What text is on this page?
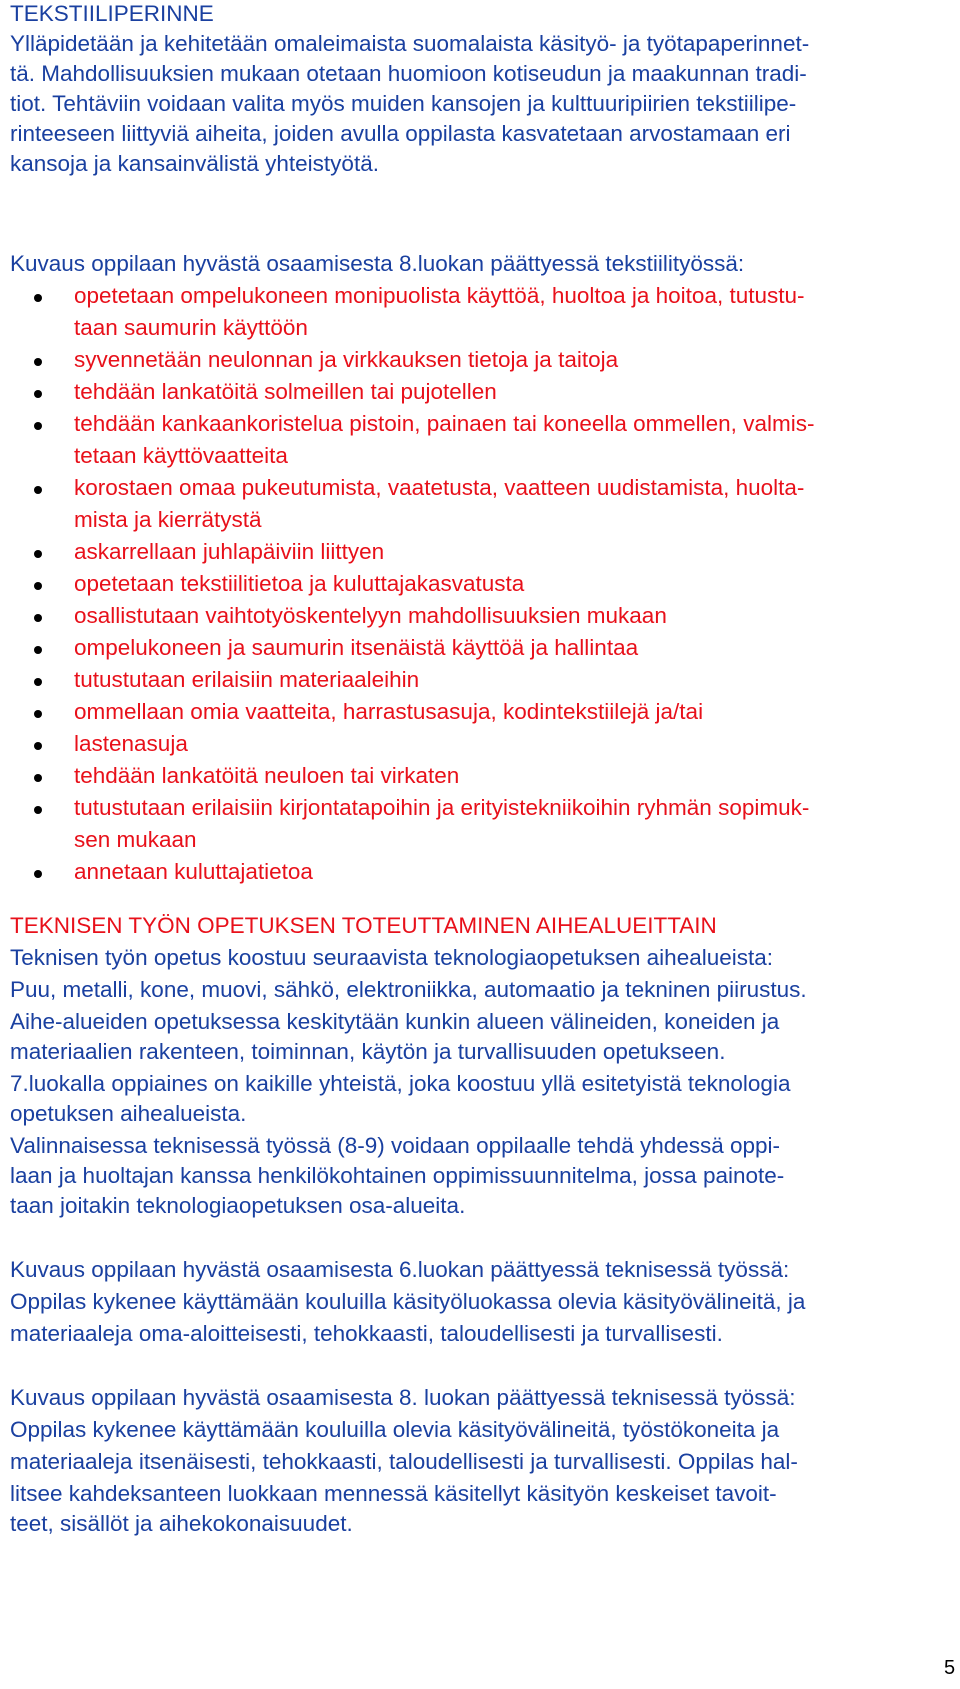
TEKSTIILIPERINNE
Ylläpidetään ja kehitetään omaleimaista suomalaista käsityö- ja työtapaperinnet-
tä. Mahdollisuuksien mukaan otetaan huomioon kotiseudun ja maakunnan tradi-
tiot. Tehtäviin voidaan valita myös muiden kansojen ja kulttuuripiirien tekstiilipe-
rinteeseen liittyviä aiheita, joiden avulla oppilasta kasvatetaan arvostamaan eri
kansoja ja kansainvälistä yhteistyötä.
Kuvaus oppilaan hyvästä osaamisesta 8.luokan päättyessä tekstiilityössä:
opetetaan ompelukoneen monipuolista käyttöä, huoltoa ja hoitoa, tutustu-
taan saumurin käyttöön
syvennetään neulonnan ja virkkauksen tietoja ja taitoja
tehdään lankatöitä solmeillen tai pujotellen
tehdään kankaankoristelua pistoin, painaen tai koneella ommellen, valmis-
tetaan käyttövaatteita
korostaen omaa pukeutumista, vaatetusta, vaatteen uudistamista, huolta-
mista ja kierrätystä
askarrellaan juhlapäiviin liittyen
opetetaan tekstiilitietoa ja kuluttajakasvatusta
osallistutaan vaihtotyöskentelyyn mahdollisuuksien mukaan
ompelukoneen ja saumurin itsenäistä käyttöä ja hallintaa
tutustutaan erilaisiin materiaaleihin
ommellaan omia vaatteita, harrastusasuja, kodintekstiilejä ja/tai
lastenasuja
tehdään lankatöitä neuloen tai virkaten
tutustutaan erilaisiin kirjontatapoihin ja erityistekniikoihin ryhmän sopimuk-
sen mukaan
annetaan kuluttajatietoa
TEKNISEN TYÖN OPETUKSEN TOTEUTTAMINEN AIHEALUEITTAIN
Teknisen työn opetus koostuu seuraavista teknologiaopetuksen aihealueista:
Puu, metalli, kone, muovi, sähkö, elektroniikka, automaatio ja tekninen piirustus.
Aihe-alueiden opetuksessa keskitytään kunkin alueen välineiden, koneiden ja
materiaalien rakenteen, toiminnan, käytön ja turvallisuuden opetukseen.
7.luokalla oppiaines on kaikille yhteistä, joka koostuu yllä esitetyistä teknologia
opetuksen aihealueista.
Valinnaisessa teknisessä työssä (8-9) voidaan oppilaalle tehdä yhdessä oppi-
laan ja huoltajan kanssa henkilökohtainen oppimissuunnitelma, jossa painote-
taan joitakin teknologiaopetuksen osa-alueita.
Kuvaus oppilaan hyvästä osaamisesta 6.luokan päättyessä teknisessä työssä:
Oppilas kykenee käyttämään kouluilla käsityöluokassa olevia käsityövälineitä, ja
materiaaleja oma-aloitteisesti, tehokkaasti, taloudellisesti ja turvallisesti.
Kuvaus oppilaan hyvästä osaamisesta 8. luokan päättyessä teknisessä työssä:
Oppilas kykenee käyttämään kouluilla olevia käsityövälineitä, työstökoneita ja
materiaaleja itsenäisesti, tehokkaasti, taloudellisesti ja turvallisesti. Oppilas hal-
litsee kahdeksanteen luokkaan mennessä käsitellyt käsityön keskeiset tavoit-
teet, sisällöt ja aihekokonaisuudet.
5
